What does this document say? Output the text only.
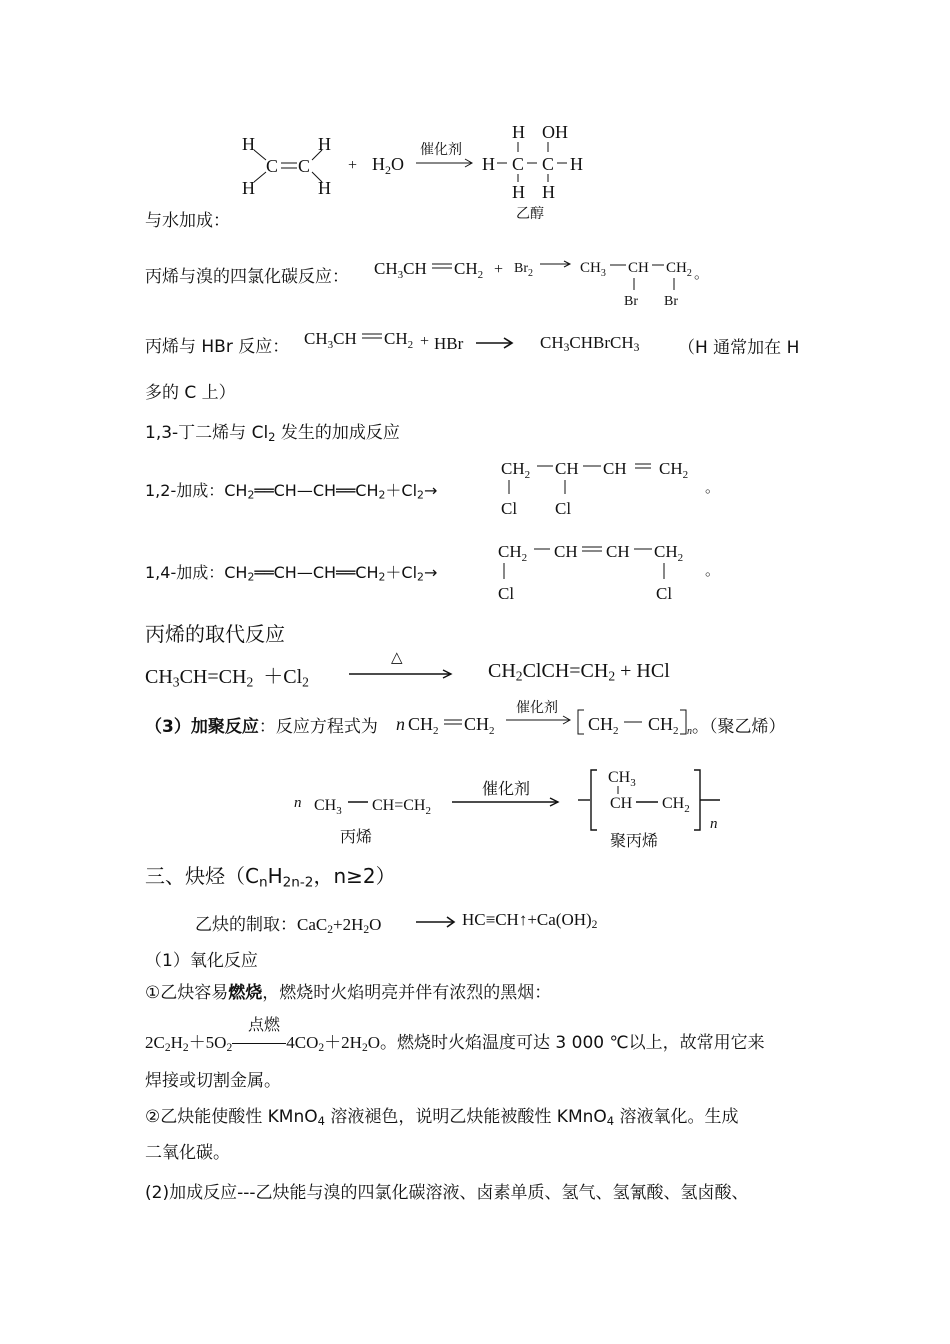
H
H
H
H
C $C + H_2O$
催化剂
H OH
H C C H
H H
乙醇
与水加成：
丙烯与溴的四氯化碳反应： $CH_3CH$ $CH_2 + Br_2$	$CH_3$ CH $CH_2$
Br Br
。
丙烯与 HBr 反应： $CH_3CH$ $CH_2$ + HBr	$CH_3CHBrCH_3$ （H 通常加在 H
多的 C 上）
1,3-丁二烯与 $Cl_2$ 发生的加成反应
1,2-加成：$CH_2══CH—CH══CH_2+Cl_2\to$
$CH_2$ CH CH $CH_2$
Cl Cl
。
1,4-加成：$CH_2══CH—CH══CH_2+Cl_2\to$
$CH_2$ CH CH $CH_2$
Cl	Cl
。
丙烯的取代反应
$CH_3CH=CH_2 +Cl_2$
△
$CH_2ClCH=CH_2$ + HCl
（3）加聚反应：反应方程式为 n $CH_2$ $CH_2$
催化剂
$CH_2$ $CH_2$ n 。（聚乙烯）
n $CH_3$ $CH=CH_2$
丙烯
催化剂
$CH_3$
CH $CH_2$
n
聚丙烯
三、炔烃（$C_nH_{2n-2}$，n≥2）
乙炔的制取：$CaC_2+2H_2O$	$HC\equiv CH↑+Ca(OH)_2$
（1）氧化反应
①乙炔容易燃烧，燃烧时火焰明亮并伴有浓烈的黑烟：
点燃
$2C_2H_2+5O_2$	$4CO_2+2H_2O$。燃烧时火焰温度可达 3 000 ℃以上，故常用它来
焊接或切割金属。
②乙炔能使酸性 KMnO$_4$ 溶液褪色，说明乙炔能被酸性 KMnO$_4$ 溶液氧化。生成
二氧化碳。
(2)加成反应---乙炔能与溴的四氯化碳溶液、卤素单质、氢气、氢氰酸、氢卤酸、
